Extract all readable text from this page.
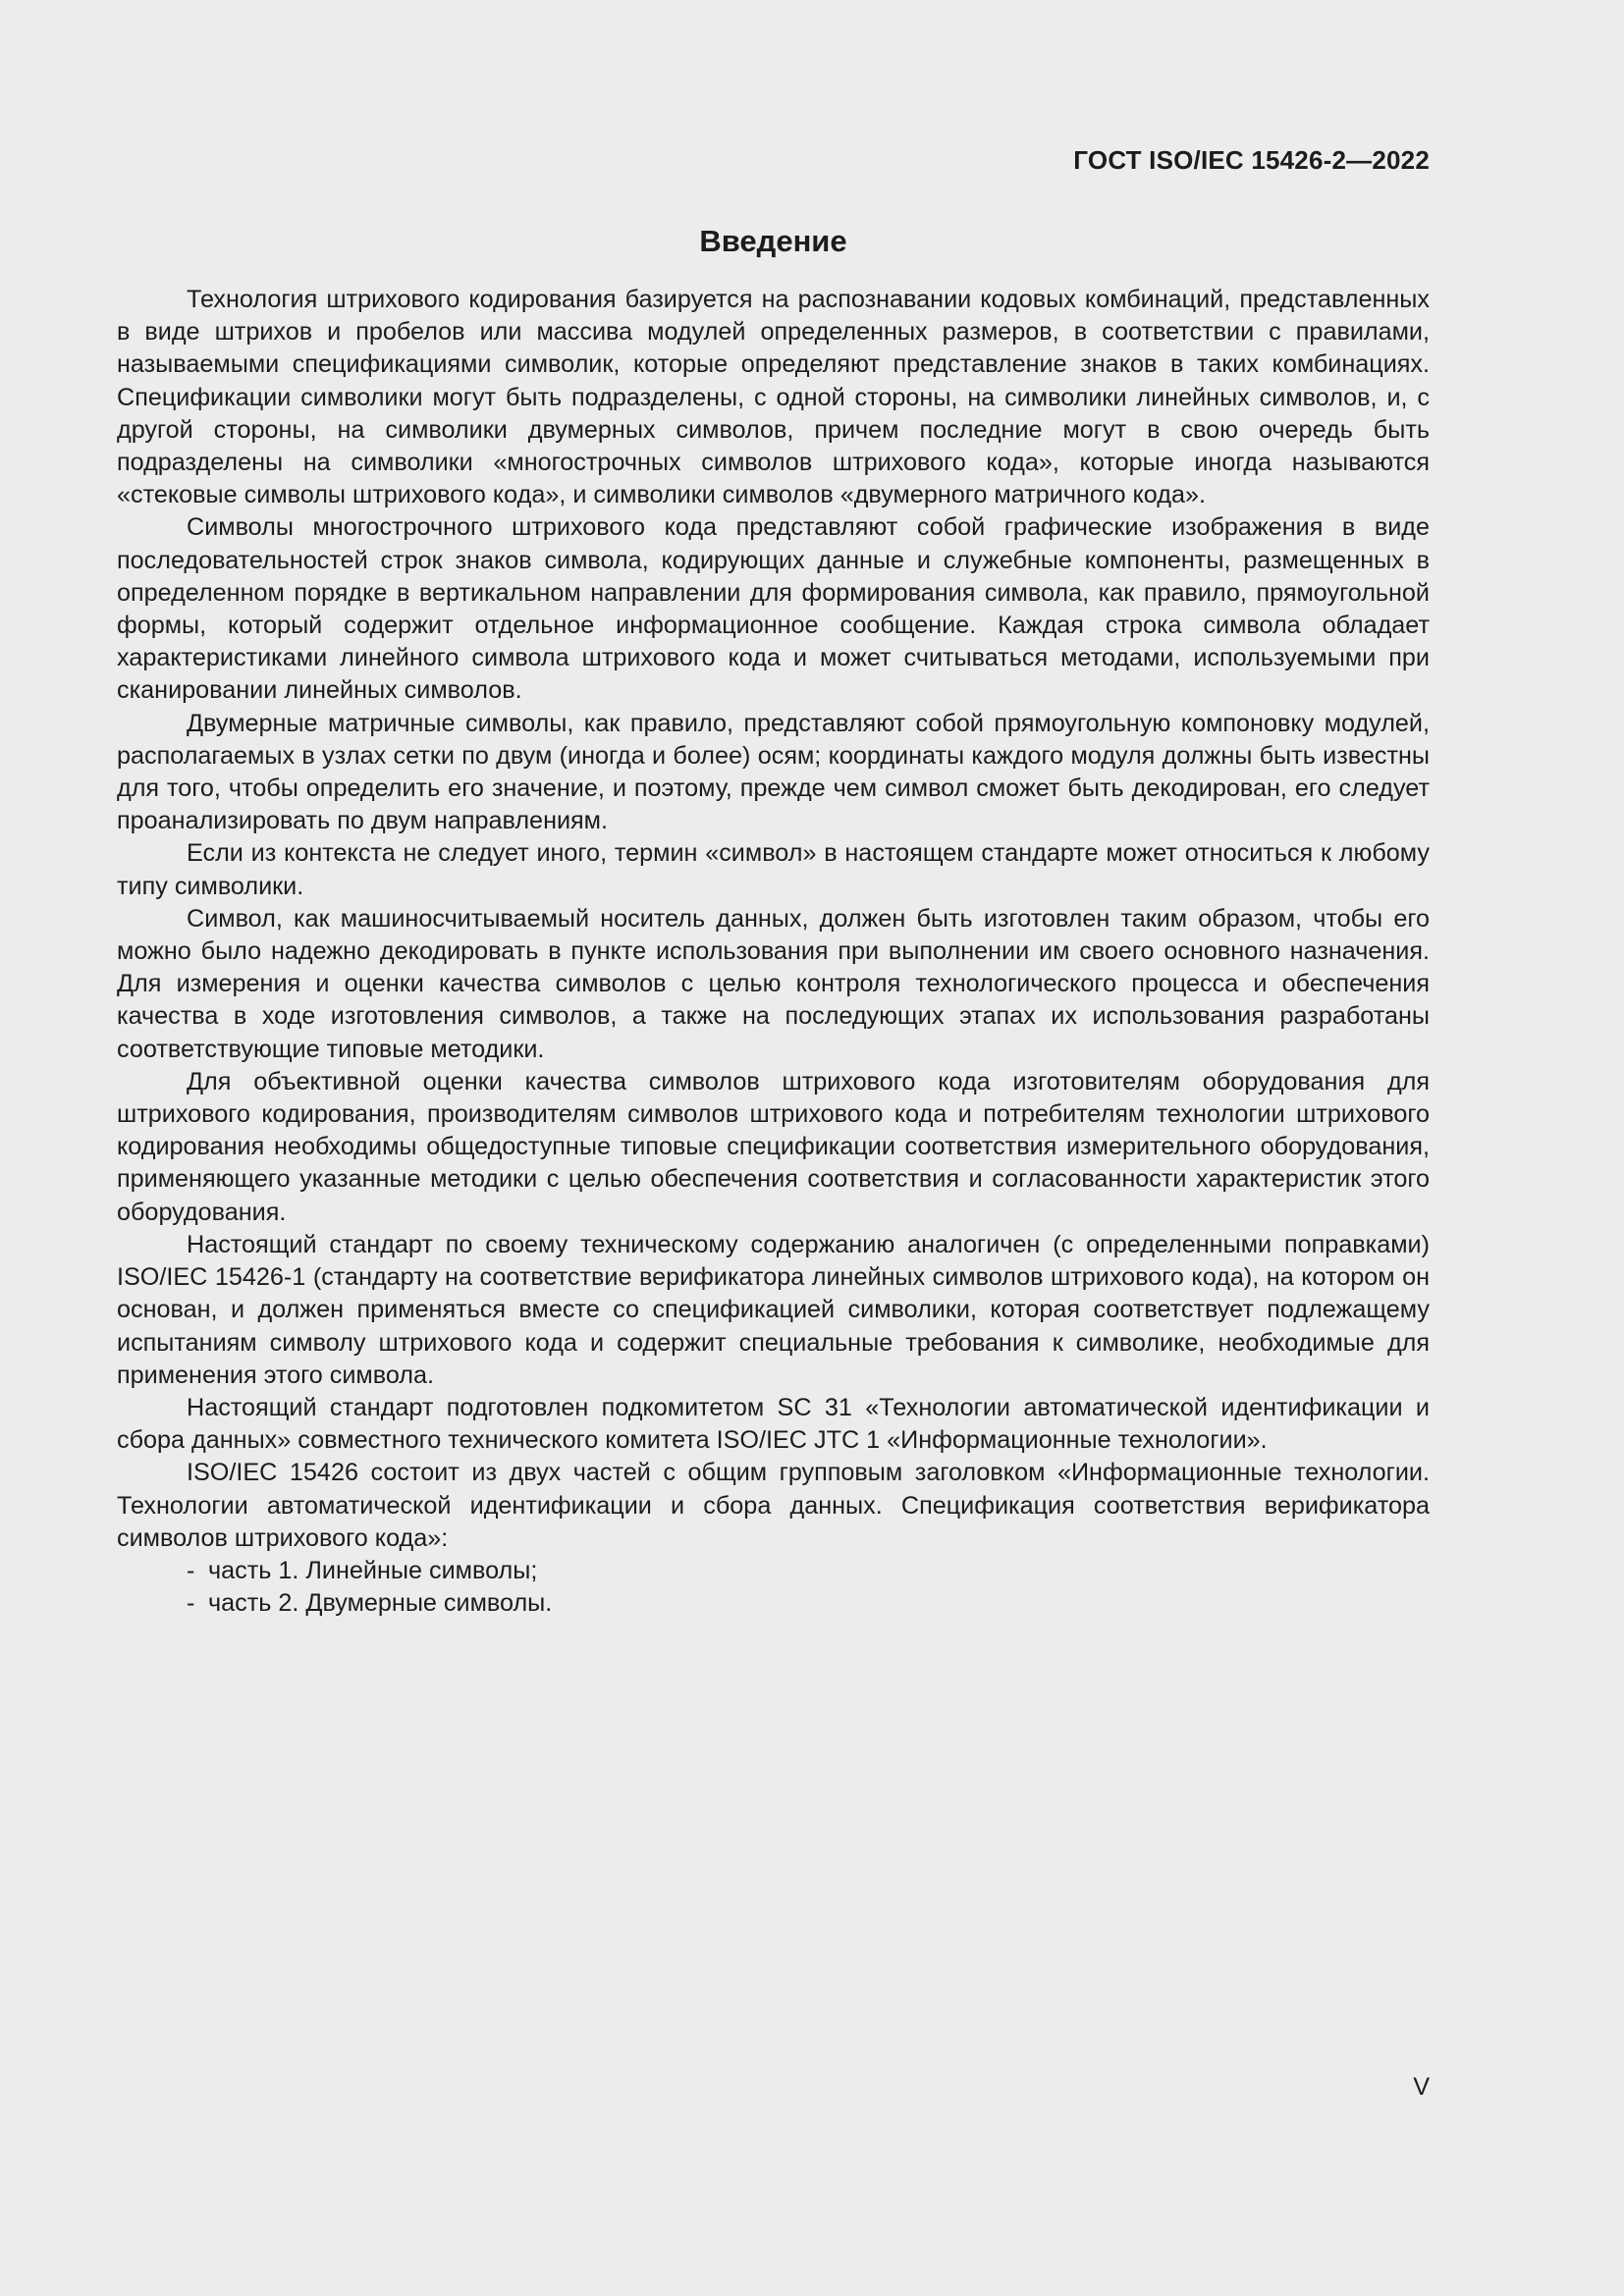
ГОСТ ISO/IEC 15426-2—2022
Введение

Технология штрихового кодирования базируется на распознавании кодовых комбинаций, представленных в виде штрихов и пробелов или массива модулей определенных размеров, в соответствии с правилами, называемыми спецификациями символик, которые определяют представление знаков в таких комбинациях. Спецификации символики могут быть подразделены, с одной стороны, на символики линейных символов, и, с другой стороны, на символики двумерных символов, причем последние могут в свою очередь быть подразделены на символики «многострочных символов штрихового кода», которые иногда называются «стековые символы штрихового кода», и символики символов «двумерного матричного кода».

Символы многострочного штрихового кода представляют собой графические изображения в виде последовательностей строк знаков символа, кодирующих данные и служебные компоненты, размещенных в определенном порядке в вертикальном направлении для формирования символа, как правило, прямоугольной формы, который содержит отдельное информационное сообщение. Каждая строка символа обладает характеристиками линейного символа штрихового кода и может считываться методами, используемыми при сканировании линейных символов.

Двумерные матричные символы, как правило, представляют собой прямоугольную компоновку модулей, располагаемых в узлах сетки по двум (иногда и более) осям; координаты каждого модуля должны быть известны для того, чтобы определить его значение, и поэтому, прежде чем символ сможет быть декодирован, его следует проанализировать по двум направлениям.

Если из контекста не следует иного, термин «символ» в настоящем стандарте может относиться к любому типу символики.

Символ, как машиносчитываемый носитель данных, должен быть изготовлен таким образом, чтобы его можно было надежно декодировать в пункте использования при выполнении им своего основного назначения. Для измерения и оценки качества символов с целью контроля технологического процесса и обеспечения качества в ходе изготовления символов, а также на последующих этапах их использования разработаны соответствующие типовые методики.

Для объективной оценки качества символов штрихового кода изготовителям оборудования для штрихового кодирования, производителям символов штрихового кода и потребителям технологии штрихового кодирования необходимы общедоступные типовые спецификации соответствия измерительного оборудования, применяющего указанные методики с целью обеспечения соответствия и согласованности характеристик этого оборудования.

Настоящий стандарт по своему техническому содержанию аналогичен (с определенными поправками) ISO/IEC 15426-1 (стандарту на соответствие верификатора линейных символов штрихового кода), на котором он основан, и должен применяться вместе со спецификацией символики, которая соответствует подлежащему испытаниям символу штрихового кода и содержит специальные требования к символике, необходимые для применения этого символа.

Настоящий стандарт подготовлен подкомитетом SC 31 «Технологии автоматической идентификации и сбора данных» совместного технического комитета ISO/IEC JTC 1 «Информационные технологии».

ISO/IEC 15426 состоит из двух частей с общим групповым заголовком «Информационные технологии. Технологии автоматической идентификации и сбора данных. Спецификация соответствия верификатора символов штрихового кода»:

- часть 1. Линейные символы;
- часть 2. Двумерные символы.
V
